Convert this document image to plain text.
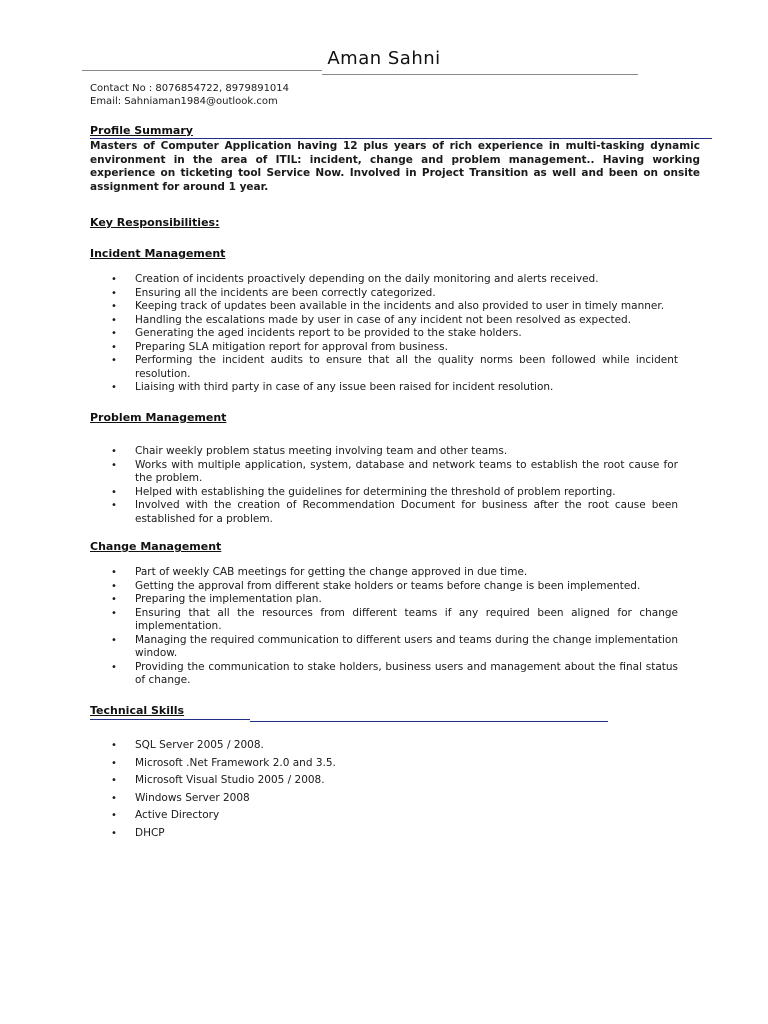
Aman Sahni
Contact No : 8076854722, 8979891014
Email: Sahniaman1984@outlook.com
Profile Summary
Masters of Computer Application having 12 plus years of rich experience in multi-tasking dynamic environment in the area of ITIL: incident, change and problem management.. Having working experience on ticketing tool Service Now. Involved in Project Transition as well and been on onsite assignment for around 1 year.
Key Responsibilities:
Incident Management
• Creation of incidents proactively depending on the daily monitoring and alerts received.
• Ensuring all the incidents are been correctly categorized.
• Keeping track of updates been available in the incidents and also provided to user in timely manner.
• Handling the escalations made by user in case of any incident not been resolved as expected.
• Generating the aged incidents report to be provided to the stake holders.
• Preparing SLA mitigation report for approval from business.
• Performing the incident audits to ensure that all the quality norms been followed while incident resolution.
• Liaising with third party in case of any issue been raised for incident resolution.
Problem Management
• Chair weekly problem status meeting involving team and other teams.
• Works with multiple application, system, database and network teams to establish the root cause for the problem.
• Helped with establishing the guidelines for determining the threshold of problem reporting.
• Involved with the creation of Recommendation Document for business after the root cause been established for a problem.
Change Management
• Part of weekly CAB meetings for getting the change approved in due time.
• Getting the approval from different stake holders or teams before change is been implemented.
• Preparing the implementation plan.
• Ensuring that all the resources from different teams if any required been aligned for change implementation.
• Managing the required communication to different users and teams during the change implementation window.
• Providing the communication to stake holders, business users and management about the final status of change.
Technical Skills
• SQL Server 2005 / 2008.
• Microsoft .Net Framework 2.0 and 3.5.
• Microsoft Visual Studio 2005 / 2008.
• Windows Server 2008
• Active Directory
• DHCP
